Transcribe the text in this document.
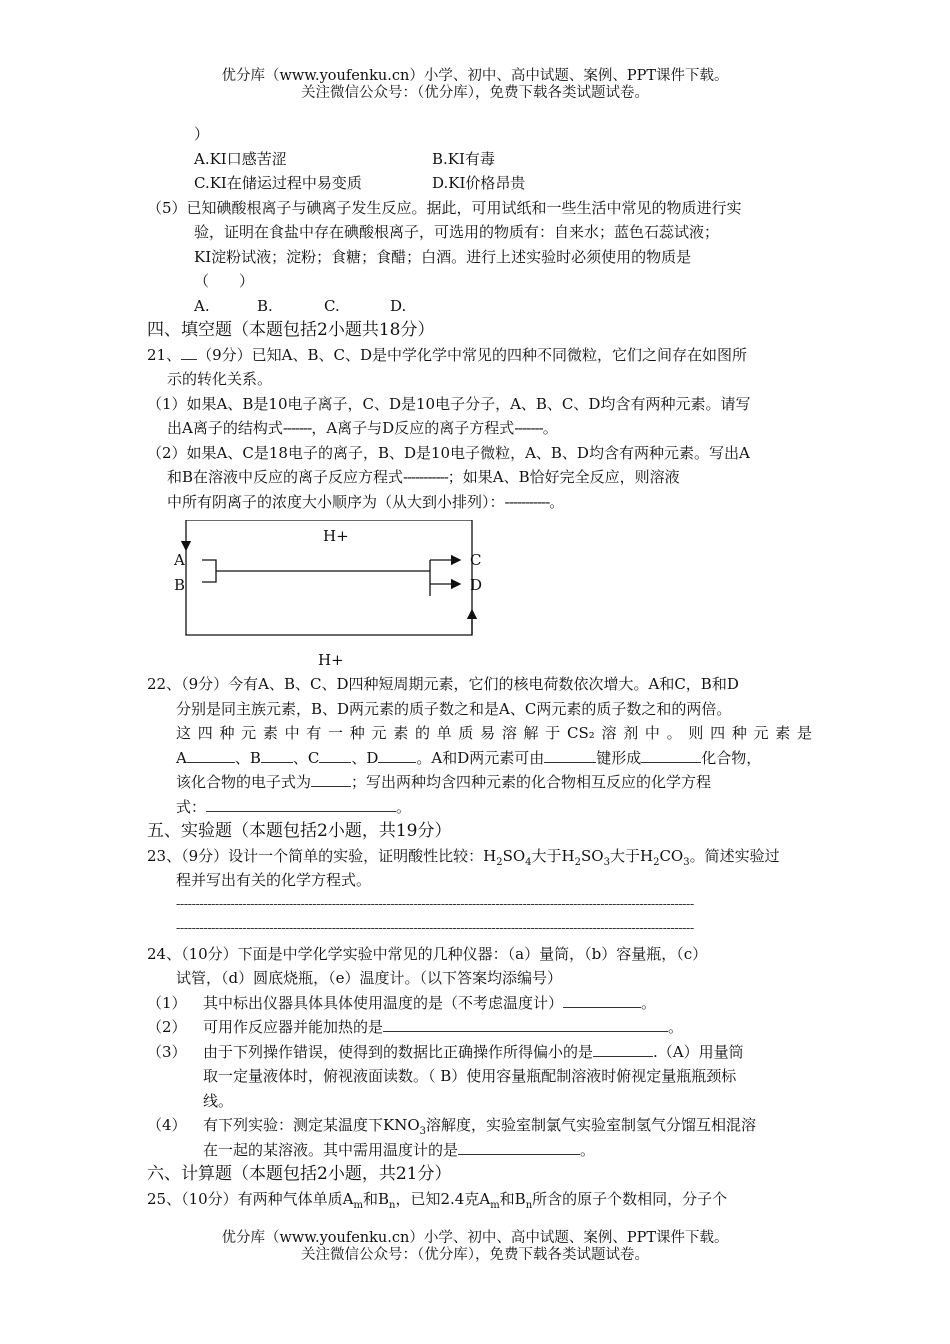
优分库（www.youfenku.cn）小学、初中、高中试题、案例、PPT课件下载。
关注微信公众号：（优分库），免费下载各类试题试卷。
）
A.KI口感苦涩	B.KI有毒
C.KI在储运过程中易变质	D.KI价格昂贵
（5）已知碘酸根离子与碘离子发生反应。据此，可用试纸和一些生活中常见的物质进行实
验，证明在食盐中存在碘酸根离子，可选用的物质有：自来水；蓝色石蕊试液；
KI淀粉试液；淀粉；食糖；食醋；白酒。进行上述实验时必须使用的物质是
（　　）
A.	B.	C.	D.
四、填空题（本题包括2小题共18分）
21、 （9分）已知A、B、C、D是中学化学中常见的四种不同微粒，它们之间存在如图所
示的转化关系。
（1）如果A、B是10电子离子，C、D是10电子分子，A、B、C、D均含有两种元素。请写
出A离子的结构式-------，A离子与D反应的离子方程式-------。
（2）如果A、C是18电子的离子，B、D是10电子微粒，A、B、D均含有两种元素。写出A
和B在溶液中反应的离子反应方程式-----------；如果A、B恰好完全反应，则溶液
中所有阴离子的浓度大小顺序为（从大到小排列）：-----------。
H+
A
B
C
D
H+
22、（9分）今有A、B、C、D四种短周期元素，它们的核电荷数依次增大。A和C，B和D
分别是同主族元素，B、D两元素的质子数之和是A、C两元素的质子数之和的两倍。
这四种元素中有一种元素的单质易溶解于CS₂溶剂中。则四种元素是
A	、B 、C 、D	。A和D两元素可由	键形成	化合物，
该化合物的电子式为	；写出两种均含四种元素的化合物相互反应的化学方程
式：	。
五、实验题（本题包括2小题，共19分）
23、（9分）设计一个简单的实验，证明酸性比较：$H_2SO_4$大于$H_2SO_3$大于$H_2CO_3$。简述实验过
程并写出有关的化学方程式。
-------------------------------------------------------------------------------------------------------------------------------------
-------------------------------------------------------------------------------------------------------------------------------------
24、（10分）下面是中学化学实验中常见的几种仪器：（a）量筒，（b）容量瓶，（c）
试管，（d）圆底烧瓶，（e）温度计。（以下答案均添编号）
（1） 其中标出仪器具体具体使用温度的是（不考虑温度计）	。
（2） 可用作反应器并能加热的是	。
（3） 由于下列操作错误，使得到的数据比正确操作所得偏小的是	.（A）用量筒
取一定量液体时，俯视液面读数。（ B）使用容量瓶配制溶液时俯视定量瓶瓶颈标
线。
（4） 有下列实验：测定某温度下$KNO_3$溶解度，实验室制氯气实验室制氢气分馏互相混溶
在一起的某溶液。其中需用温度计的是	。
六、计算题（本题包括2小题，共21分）
25、（10分）有两种气体单质$A_m$和$B_n$，已知2.4克$A_m$和$B_n$所含的原子个数相同，分子个
优分库（www.youfenku.cn）小学、初中、高中试题、案例、PPT课件下载。
关注微信公众号：（优分库），免费下载各类试题试卷。
